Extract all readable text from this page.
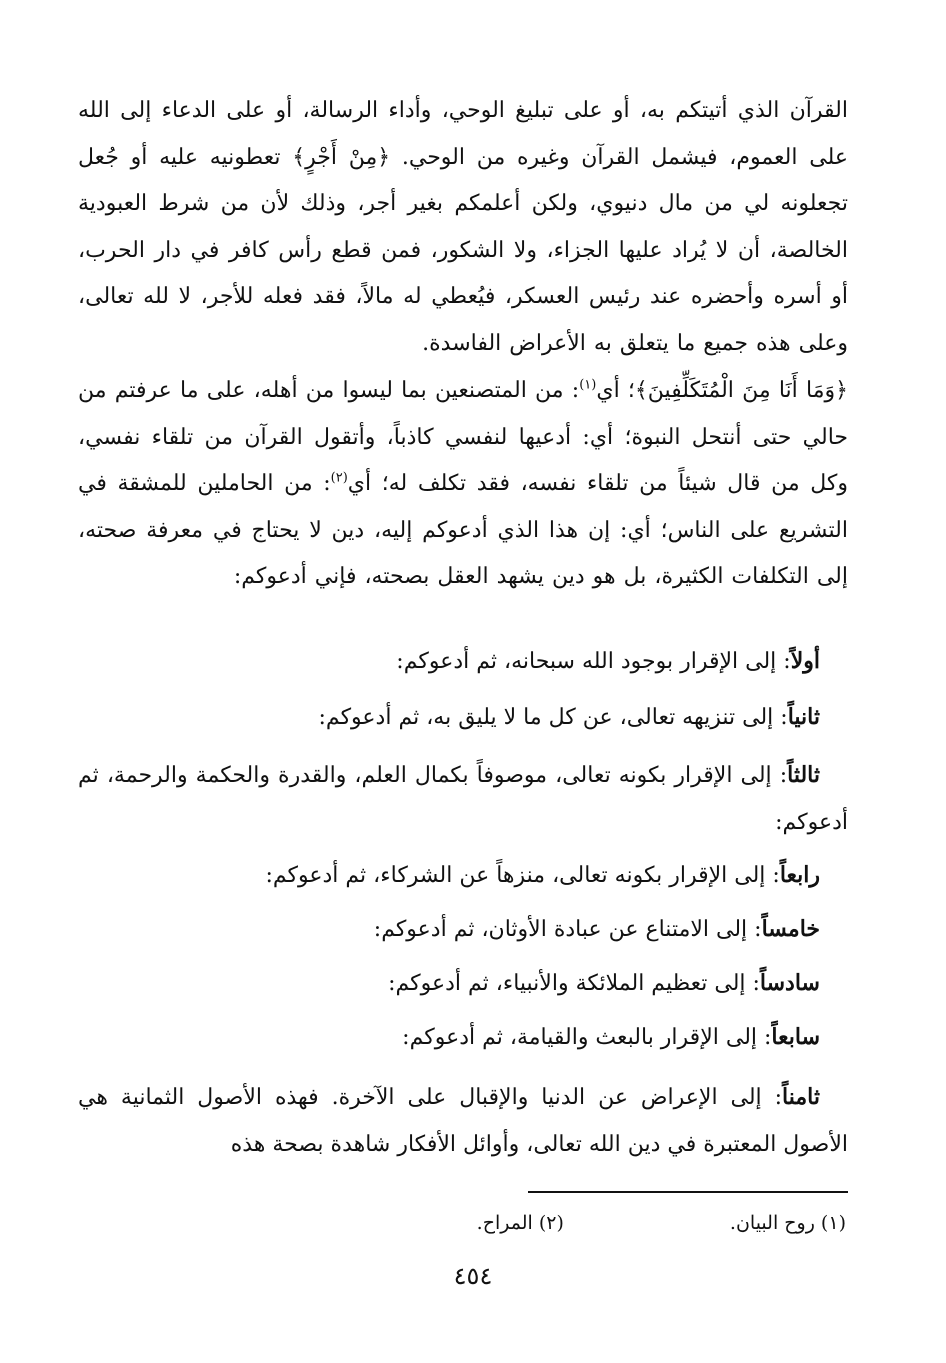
القرآن الذي أتيتكم به، أو على تبليغ الوحي، وأداء الرسالة، أو على الدعاء إلى الله على العموم، فيشمل القرآن وغيره من الوحي. ﴿مِنْ أَجْرٍ﴾ تعطونيه عليه أو جُعل تجعلونه لي من مال دنيوي، ولكن أعلمكم بغير أجر، وذلك لأن من شرط العبودية الخالصة، أن لا يُراد عليها الجزاء، ولا الشكور، فمن قطع رأس كافر في دار الحرب، أو أسره وأحضره عند رئيس العسكر، فيُعطي له مالاً، فقد فعله للأجر، لا لله تعالى، وعلى هذه جميع ما يتعلق به الأعراض الفاسدة.

﴿وَمَا أَنَا مِنَ الْمُتَكَلِّفِينَ﴾؛ أي$^{(١)}$: من المتصنعين بما ليسوا من أهله، على ما عرفتم من حالي حتى أنتحل النبوة؛ أي: أدعيها لنفسي كاذباً، وأتقول القرآن من تلقاء نفسي، وكل من قال شيئاً من تلقاء نفسه، فقد تكلف له؛ أي$^{(٢)}$: من الحاملين للمشقة في التشريع على الناس؛ أي: إن هذا الذي أدعوكم إليه، دين لا يحتاج في معرفة صحته، إلى التكلفات الكثيرة، بل هو دين يشهد العقل بصحته، فإني أدعوكم:

أولاً: إلى الإقرار بوجود الله سبحانه، ثم أدعوكم:
ثانياً: إلى تنزيهه تعالى، عن كل ما لا يليق به، ثم أدعوكم:
ثالثاً: إلى الإقرار بكونه تعالى، موصوفاً بكمال العلم، والقدرة والحكمة والرحمة، ثم أدعوكم:
رابعاً: إلى الإقرار بكونه تعالى، منزهاً عن الشركاء، ثم أدعوكم:
خامساً: إلى الامتناع عن عبادة الأوثان، ثم أدعوكم:
سادساً: إلى تعظيم الملائكة والأنبياء، ثم أدعوكم:
سابعاً: إلى الإقرار بالبعث والقيامة، ثم أدعوكم:
ثامناً: إلى الإعراض عن الدنيا والإقبال على الآخرة. فهذه الأصول الثمانية هي الأصول المعتبرة في دين الله تعالى، وأوائل الأفكار شاهدة بصحة هذه
(١) روح البيان. (٢) المراح.
٤٥٤
